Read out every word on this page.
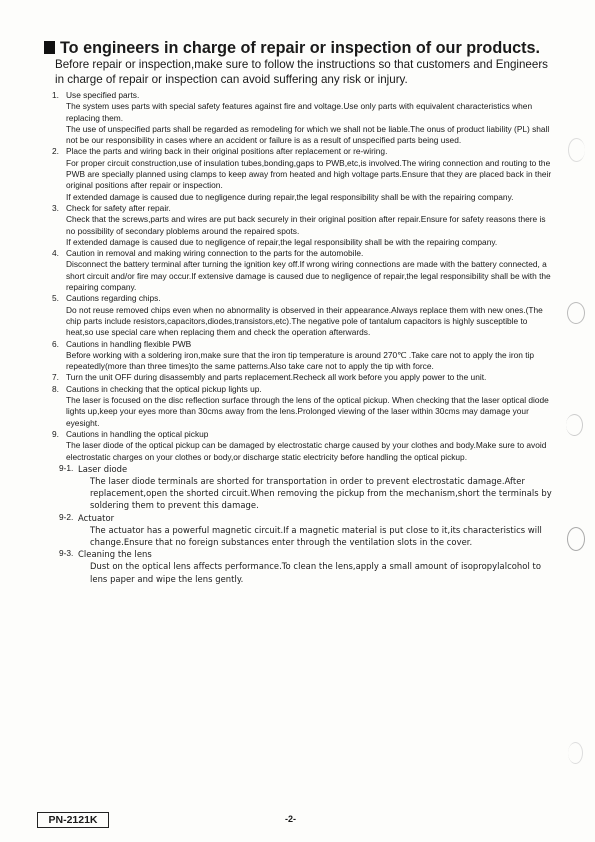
To engineers in charge of repair or inspection of our products.
Before repair or inspection,make sure to follow the instructions so that customers and Engineers in charge of repair or inspection can avoid suffering any risk or injury.
1. Use specified parts.

The system uses parts with special safety features against fire and voltage.Use only parts with equivalent characteristics when replacing them.

The use of unspecified parts shall be regarded as remodeling for which we shall not be liable.The onus of product liability (PL) shall not be our responsibility in cases where an accident or failure is as a result of unspecified parts being used.

2. Place the parts and wiring back in their original positions after replacement or re-wiring.

For proper circuit construction,use of insulation tubes,bonding,gaps to PWB,etc,is involved.The wiring connection and routing to the PWB are specially planned using clamps to keep away from heated and high voltage parts.Ensure that they are placed back in their original positions after repair or inspection.

If extended damage is caused due to negligence during repair,the legal responsibility shall be with the repairing company.

3. Check for safety after repair.

Check that the screws,parts and wires are put back securely in their original position after repair.Ensure for safety reasons there is no possibility of secondary ploblems around the repaired spots.

If extended damage is caused due to negligence of repair,the legal responsibility shall be with the repairing company.

4. Caution in removal and making wiring connection to the parts for the automobile.

Disconnect the battery terminal after turning the ignition key off.If wrong wiring connections are made with the battery connected, a short circuit and/or fire may occur.If extensive damage is caused due to negligence of repair,the legal responsibility shall be with the repairing company.

5. Cautions regarding chips.

Do not reuse removed chips even when no abnormality is observed in their appearance.Always replace them with new ones.(The chip parts include resistors,capacitors,diodes,transistors,etc).The negative pole of tantalum capacitors is highly susceptible to heat,so use special care when replacing them and check the operation afterwards.

6. Cautions in handling flexible PWB

Before working with a soldering iron,make sure that the iron tip temperature is around 270℃ .Take care not to apply the iron tip repeatedly(more than three times)to the same patterns.Also take care not to apply the tip with force.

7. Turn the unit OFF during disassembly and parts replacement.Recheck all work before you apply power to the unit.
8. Cautions in checking that the optical pickup lights up.

The laser is focused on the disc reflection surface through the lens of the optical pickup. When checking that the laser optical diode lights up,keep your eyes more than 30cms away from the lens.Prolonged viewing of the laser within 30cms may damage your eyesight.

9. Cautions in handling the optical pickup

The laser diode of the optical pickup can be damaged by electrostatic charge caused by your clothes and body.Make sure to avoid electrostatic charges on your clothes or body,or discharge static electricity before handling the optical pickup.

9-1. Laser diode

The laser diode terminals are shorted for transportation in order to prevent electrostatic damage.After replacement,open the shorted circuit.When removing the pickup from the mechanism,short the terminals by soldering them to prevent this damage.

9-2. Actuator

The actuator has a powerful magnetic circuit.If a magnetic material is put close to it,its characteristics will change.Ensure that no foreign substances enter through the ventilation slots in the cover.

9-3. Cleaning the lens

Dust on the optical lens affects performance.To clean the lens,apply a small amount of isopropylalcohol to lens paper and wipe the lens gently.

PN-2121K	-2-
